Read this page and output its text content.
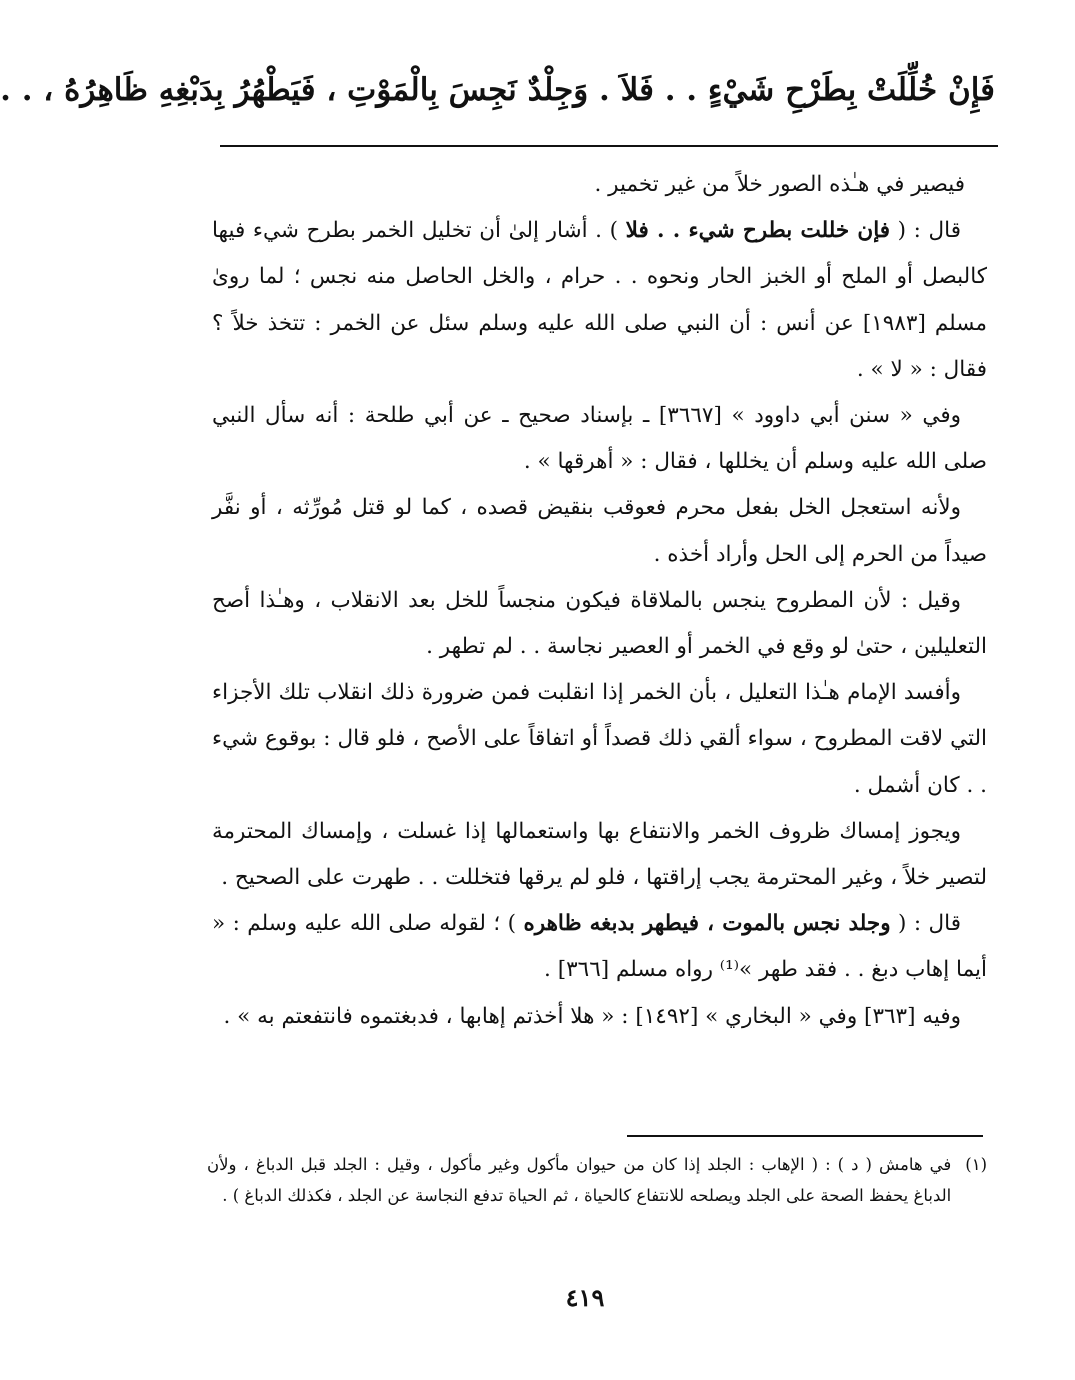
فَإِنْ خُلِّلَتْ بِطَرْحِ شَيْءٍ . . فَلاَ . وَجِلْدٌ نَجِسَ بِالْمَوْتِ ، فَيَطْهُرُ بِدَبْغِهِ ظَاهِرُهُ ، . .

فيصير في هـٰذه الصور خلاً من غير تخمير .

قال : ( فإن خللت بطرح شيء . . فلا ) . أشار إلىٰ أن تخليل الخمر بطرح شيء فيها كالبصل أو الملح أو الخبز الحار ونحوه . . حرام ، والخل الحاصل منه نجس ؛ لما روىٰ مسلم [١٩٨٣] عن أنس : أن النبي صلى الله عليه وسلم سئل عن الخمر : تتخذ خلاً ؟ فقال : « لا » .

وفي « سنن أبي داوود » [٣٦٦٧] ـ بإسناد صحيح ـ عن أبي طلحة : أنه سأل النبي صلى الله عليه وسلم أن يخللها ، فقال : « أهرقها » .

ولأنه استعجل الخل بفعل محرم فعوقب بنقيض قصده ، كما لو قتل مُورِّثه ، أو نفَّر صيداً من الحرم إلى الحل وأراد أخذه .

وقيل : لأن المطروح ينجس بالملاقاة فيكون منجساً للخل بعد الانقلاب ، وهـٰذا أصح التعليلين ، حتىٰ لو وقع في الخمر أو العصير نجاسة . . لم تطهر .

وأفسد الإمام هـٰذا التعليل ، بأن الخمر إذا انقلبت فمن ضرورة ذلك انقلاب تلك الأجزاء التي لاقت المطروح ، سواء ألقي ذلك قصداً أو اتفاقاً على الأصح ، فلو قال : بوقوع شيء . . كان أشمل .

ويجوز إمساك ظروف الخمر والانتفاع بها واستعمالها إذا غسلت ، وإمساك المحترمة لتصير خلاً ، وغير المحترمة يجب إراقتها ، فلو لم يرقها فتخللت . . طهرت على الصحيح .

قال : ( وجلد نجس بالموت ، فيطهر بدبغه ظاهره ) ؛ لقوله صلى الله عليه وسلم : « أيما إهاب دبغ . . فقد طهر »⁽¹⁾ رواه مسلم [٣٦٦] .

وفيه [٣٦٣] وفي « البخاري » [١٤٩٢] : « هلا أخذتم إهابها ، فدبغتموه فانتفعتم به » .

(١)
في هامش ( د ) : ( الإهاب : الجلد إذا كان من حيوان مأكول وغير مأكول ، وقيل : الجلد قبل الدباغ ، ولأن الدباغ يحفظ الصحة على الجلد ويصلحه للانتفاع كالحياة ، ثم الحياة تدفع النجاسة عن الجلد ، فكذلك الدباغ ) .
٤١٩
